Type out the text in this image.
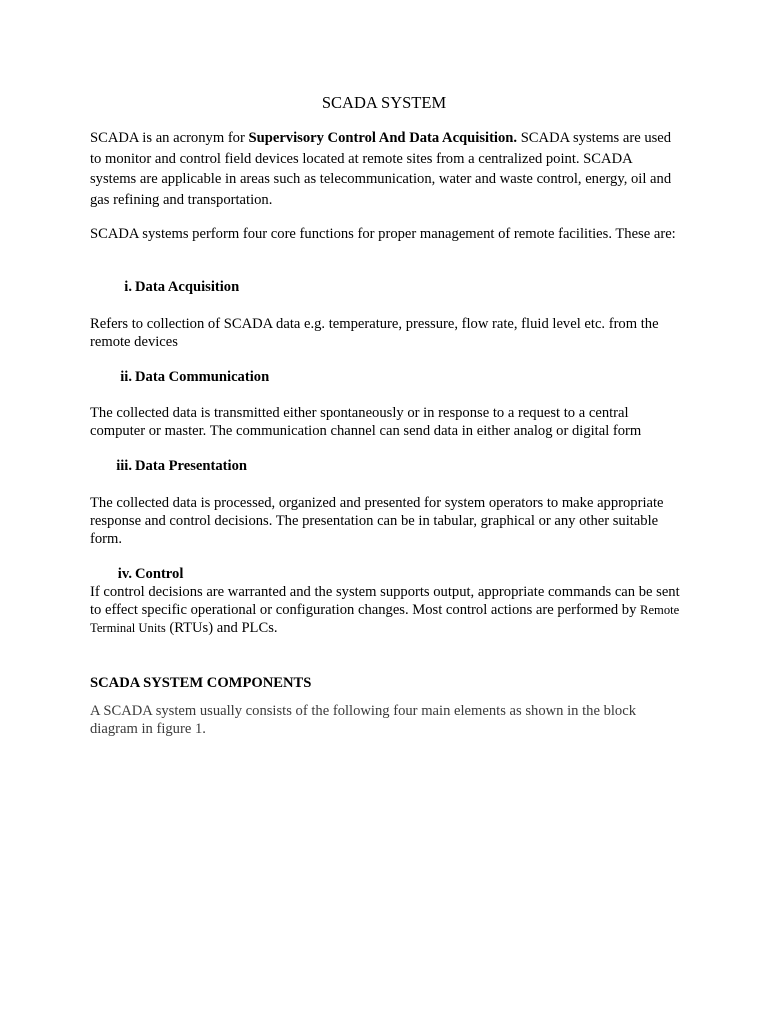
SCADA SYSTEM

SCADA is an acronym for Supervisory Control And Data Acquisition. SCADA systems are used to monitor and control field devices located at remote sites from a centralized point. SCADA systems are applicable in areas such as telecommunication, water and waste control, energy, oil and gas refining and transportation.

SCADA systems perform four core functions for proper management of remote facilities. These are:

i. Data Acquisition

Refers to collection of SCADA data e.g. temperature, pressure, flow rate, fluid level etc. from the remote devices

ii. Data Communication

The collected data is transmitted either spontaneously or in response to a request to a central computer or master. The communication channel can send data in either analog or digital form

iii. Data Presentation

The collected data is processed, organized and presented for system operators to make appropriate response and control decisions. The presentation can be in tabular, graphical or any other suitable form.

iv. Control

If control decisions are warranted and the system supports output, appropriate commands can be sent to effect specific operational or configuration changes. Most control actions are performed by Remote Terminal Units (RTUs) and PLCs.

SCADA SYSTEM COMPONENTS

A SCADA system usually consists of the following four main elements as shown in the block diagram in figure 1.
